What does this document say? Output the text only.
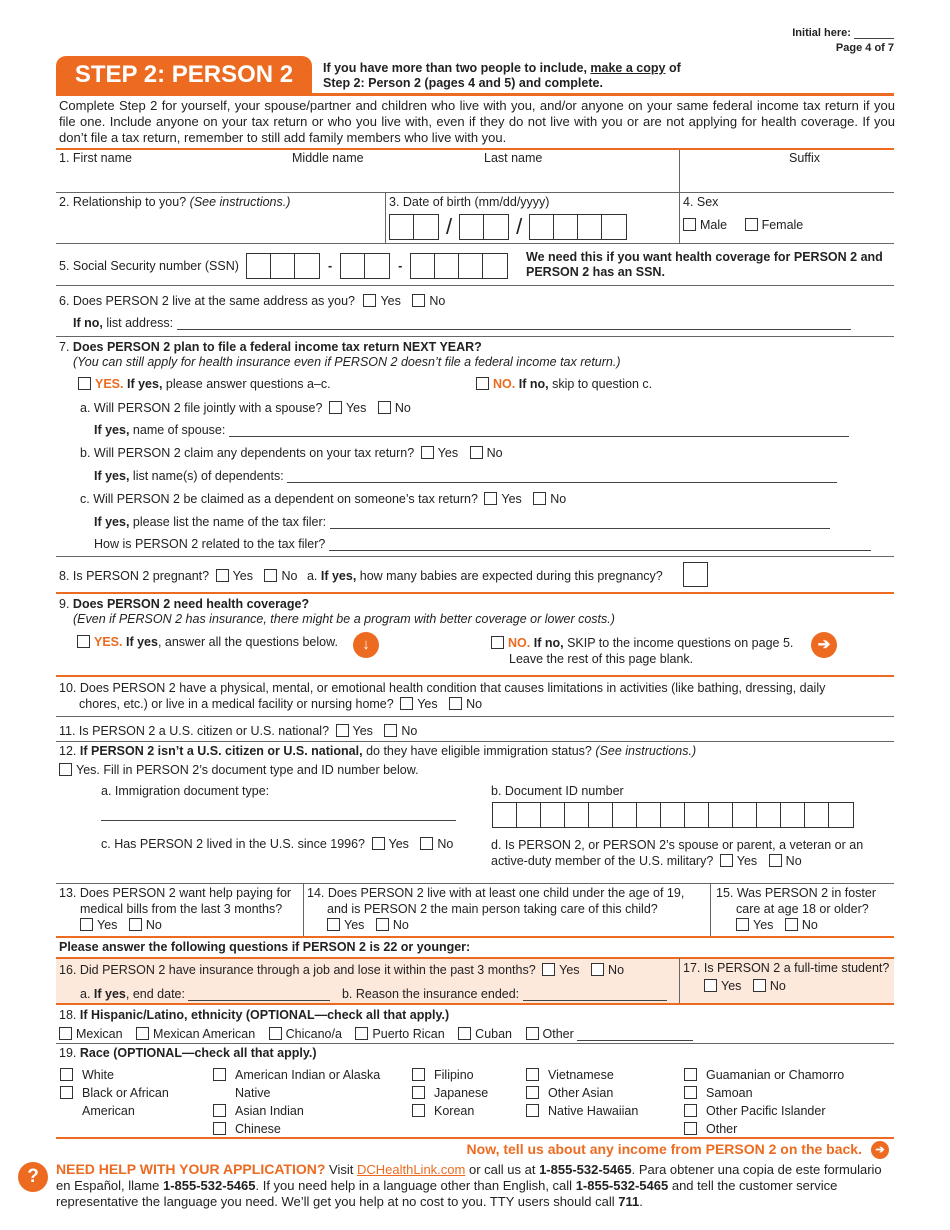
Initial here:
Page 4 of 7
STEP 2: PERSON 2	If you have more than two people to include, make a copy of
Step 2: Person 2 (pages 4 and 5) and complete.
Complete Step 2 for yourself, your spouse/partner and children who live with you, and/or anyone on your same federal income tax return if you file one. Include anyone on your tax return or who you live with, even if they do not live with you or are not applying for health coverage. If you don’t file a tax return, remember to still add family members who live with you.
1. First name	Middle name	Last name	Suffix
2. Relationship to you? (See instructions.)	3. Date of birth (mm/dd/yyyy)
/	/
4. Sex
Male	Female
5. Social Security number (SSN)	-	-
We need this if you want health coverage for PERSON 2 and PERSON 2 has an SSN.
6. Does PERSON 2 live at the same address as you? Yes No
If no, list address:
7. Does PERSON 2 plan to file a federal income tax return NEXT YEAR?
(You can still apply for health insurance even if PERSON 2 doesn’t file a federal income tax return.)
YES. If yes, please answer questions a–c.	NO. If no, skip to question c.
a. Will PERSON 2 file jointly with a spouse? Yes No
If yes, name of spouse:
b. Will PERSON 2 claim any dependents on your tax return? Yes No
If yes, list name(s) of dependents:
c. Will PERSON 2 be claimed as a dependent on someone’s tax return? Yes No
If yes, please list the name of the tax filer:
How is PERSON 2 related to the tax filer?
8. Is PERSON 2 pregnant? Yes No a. If yes, how many babies are expected during this pregnancy?
9. Does PERSON 2 need health coverage?
(Even if PERSON 2 has insurance, there might be a program with better coverage or lower costs.)
YES. If yes, answer all the questions below.	↓	NO. If no, SKIP to the income questions on page 5.
Leave the rest of this page blank.
➔
10. Does PERSON 2 have a physical, mental, or emotional health condition that causes limitations in activities (like bathing, dressing, daily
chores, etc.) or live in a medical facility or nursing home? Yes No
11. Is PERSON 2 a U.S. citizen or U.S. national? Yes No
12. If PERSON 2 isn’t a U.S. citizen or U.S. national, do they have eligible immigration status? (See instructions.)
Yes. Fill in PERSON 2’s document type and ID number below.
a. Immigration document type:	b. Document ID number
c. Has PERSON 2 lived in the U.S. since 1996? Yes No	d. Is PERSON 2, or PERSON 2’s spouse or parent, a veteran or an
active-duty member of the U.S. military? Yes No
13. Does PERSON 2 want help paying for
medical bills from the last 3 months?
Yes No
14. Does PERSON 2 live with at least one child under the age of 19,
and is PERSON 2 the main person taking care of this child?
Yes No
15. Was PERSON 2 in foster
care at age 18 or older?
Yes No
Please answer the following questions if PERSON 2 is 22 or younger:
16. Did PERSON 2 have insurance through a job and lose it within the past 3 months? Yes No
a. If yes, end date:	b. Reason the insurance ended:
17. Is PERSON 2 a full-time student?
Yes No
18. If Hispanic/Latino, ethnicity (OPTIONAL—check all that apply.)
Mexican Mexican American Chicano/a Puerto Rican Cuban Other
19. Race (OPTIONAL—check all that apply.)
White
Black or African
American
American Indian or Alaska
Native
Asian Indian
Chinese
Filipino
Japanese
Korean
Vietnamese
Other Asian
Native Hawaiian
Guamanian or Chamorro
Samoan
Other Pacific Islander
Other
Now, tell us about any income from PERSON 2 on the back.	➔
?	NEED HELP WITH YOUR APPLICATION? Visit DCHealthLink.com or call us at 1-855-532-5465. Para obtener una copia de este formulario en Español, llame 1-855-532-5465. If you need help in a language other than English, call 1-855-532-5465 and tell the customer service representative the language you need. We’ll get you help at no cost to you. TTY users should call 711.
